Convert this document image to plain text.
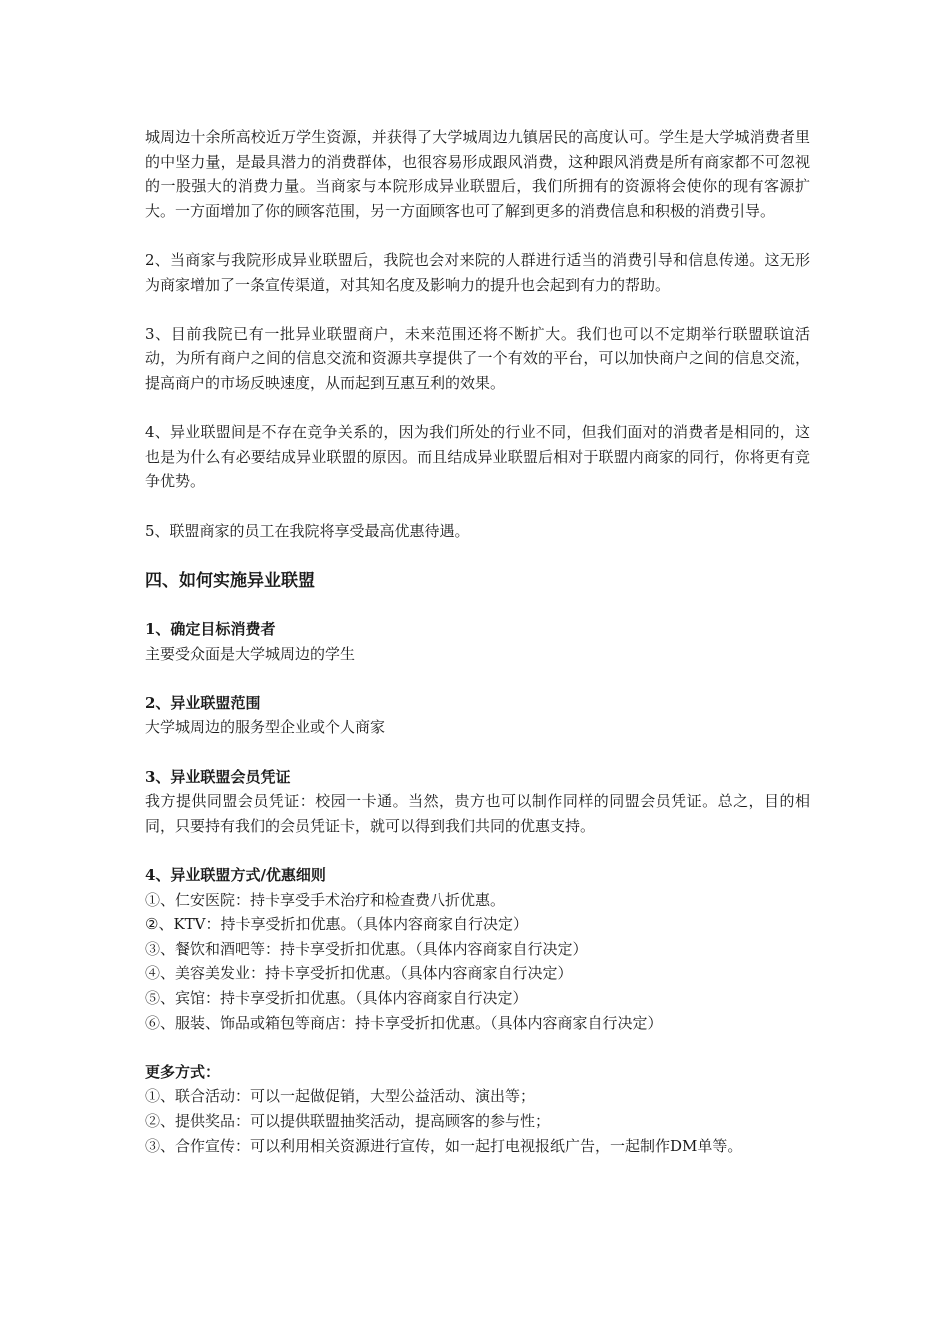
城周边十余所高校近万学生资源，并获得了大学城周边九镇居民的高度认可。学生是大学城消费者里的中坚力量，是最具潜力的消费群体，也很容易形成跟风消费，这种跟风消费是所有商家都不可忽视的一股强大的消费力量。当商家与本院形成异业联盟后，我们所拥有的资源将会使你的现有客源扩大。一方面增加了你的顾客范围，另一方面顾客也可了解到更多的消费信息和积极的消费引导。

2、当商家与我院形成异业联盟后，我院也会对来院的人群进行适当的消费引导和信息传递。这无形为商家增加了一条宣传渠道，对其知名度及影响力的提升也会起到有力的帮助。

3、目前我院已有一批异业联盟商户，未来范围还将不断扩大。我们也可以不定期举行联盟联谊活动，为所有商户之间的信息交流和资源共享提供了一个有效的平台，可以加快商户之间的信息交流，提高商户的市场反映速度，从而起到互惠互利的效果。

4、异业联盟间是不存在竞争关系的，因为我们所处的行业不同，但我们面对的消费者是相同的，这也是为什么有必要结成异业联盟的原因。而且结成异业联盟后相对于联盟内商家的同行，你将更有竞争优势。

5、联盟商家的员工在我院将享受最高优惠待遇。

四、如何实施异业联盟
1、确定目标消费者

主要受众面是大学城周边的学生

2、异业联盟范围

大学城周边的服务型企业或个人商家

3、异业联盟会员凭证

我方提供同盟会员凭证：校园一卡通。当然，贵方也可以制作同样的同盟会员凭证。总之，目的相同，只要持有我们的会员凭证卡，就可以得到我们共同的优惠支持。

4、异业联盟方式/优惠细则
①、仁安医院：持卡享受手术治疗和检查费八折优惠。
②、KTV：持卡享受折扣优惠。（具体内容商家自行决定）
③、餐饮和酒吧等：持卡享受折扣优惠。（具体内容商家自行决定）
④、美容美发业：持卡享受折扣优惠。（具体内容商家自行决定）
⑤、宾馆：持卡享受折扣优惠。（具体内容商家自行决定）
⑥、服装、饰品或箱包等商店：持卡享受折扣优惠。（具体内容商家自行决定）
更多方式：
①、联合活动：可以一起做促销，大型公益活动、演出等；
②、提供奖品：可以提供联盟抽奖活动，提高顾客的参与性；
③、合作宣传：可以利用相关资源进行宣传，如一起打电视报纸广告，一起制作DM单等。
